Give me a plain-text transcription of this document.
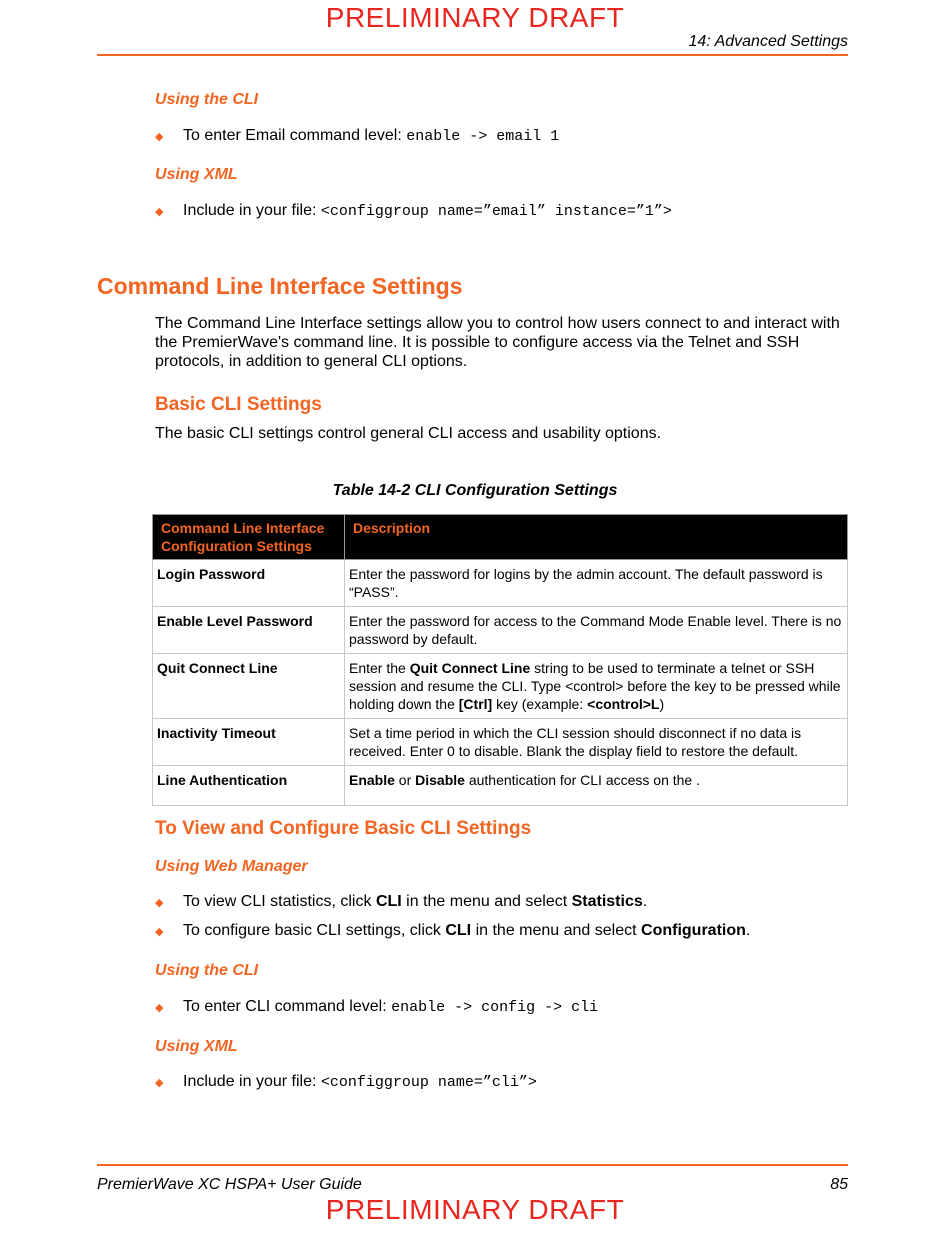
PRELIMINARY DRAFT
14: Advanced Settings
Using the CLI
◆	To enter Email command level:
enable -> email 1
Using XML
◆	Include in your file:
<configgroup name=”email” instance=”1”>
Command Line Interface Settings
The Command Line Interface settings allow you to control how users connect to and interact with the PremierWave's command line. It is possible to configure access via the Telnet and SSH protocols, in addition to general CLI options.
Basic CLI Settings
The basic CLI settings control general CLI access and usability options.
Table 14-2 CLI Configuration Settings
Command Line Interface Configuration Settings	Description
Login Password	Enter the password for logins by the admin account. The default password is “PASS”.
Enable Level Password	Enter the password for access to the Command Mode Enable level. There is no password by default.
Quit Connect Line	Enter the Quit Connect Line string to be used to terminate a telnet or SSH session and resume the CLI. Type <control> before the key to be pressed while holding down the [Ctrl] key (example: <control>L)
Inactivity Timeout	Set a time period in which the CLI session should disconnect if no data is received. Enter 0 to disable. Blank the display field to restore the default.
Line Authentication	Enable or Disable authentication for CLI access on the .
To View and Configure Basic CLI Settings
Using Web Manager
◆	To view CLI statistics, click CLI in the menu and select Statistics.
◆	To configure basic CLI settings, click CLI in the menu and select Configuration.
Using the CLI
◆	To enter CLI command level:
enable -> config -> cli
Using XML
◆	Include in your file:
<configgroup name=”cli”>
PremierWave XC HSPA+ User Guide	85
PRELIMINARY DRAFT
